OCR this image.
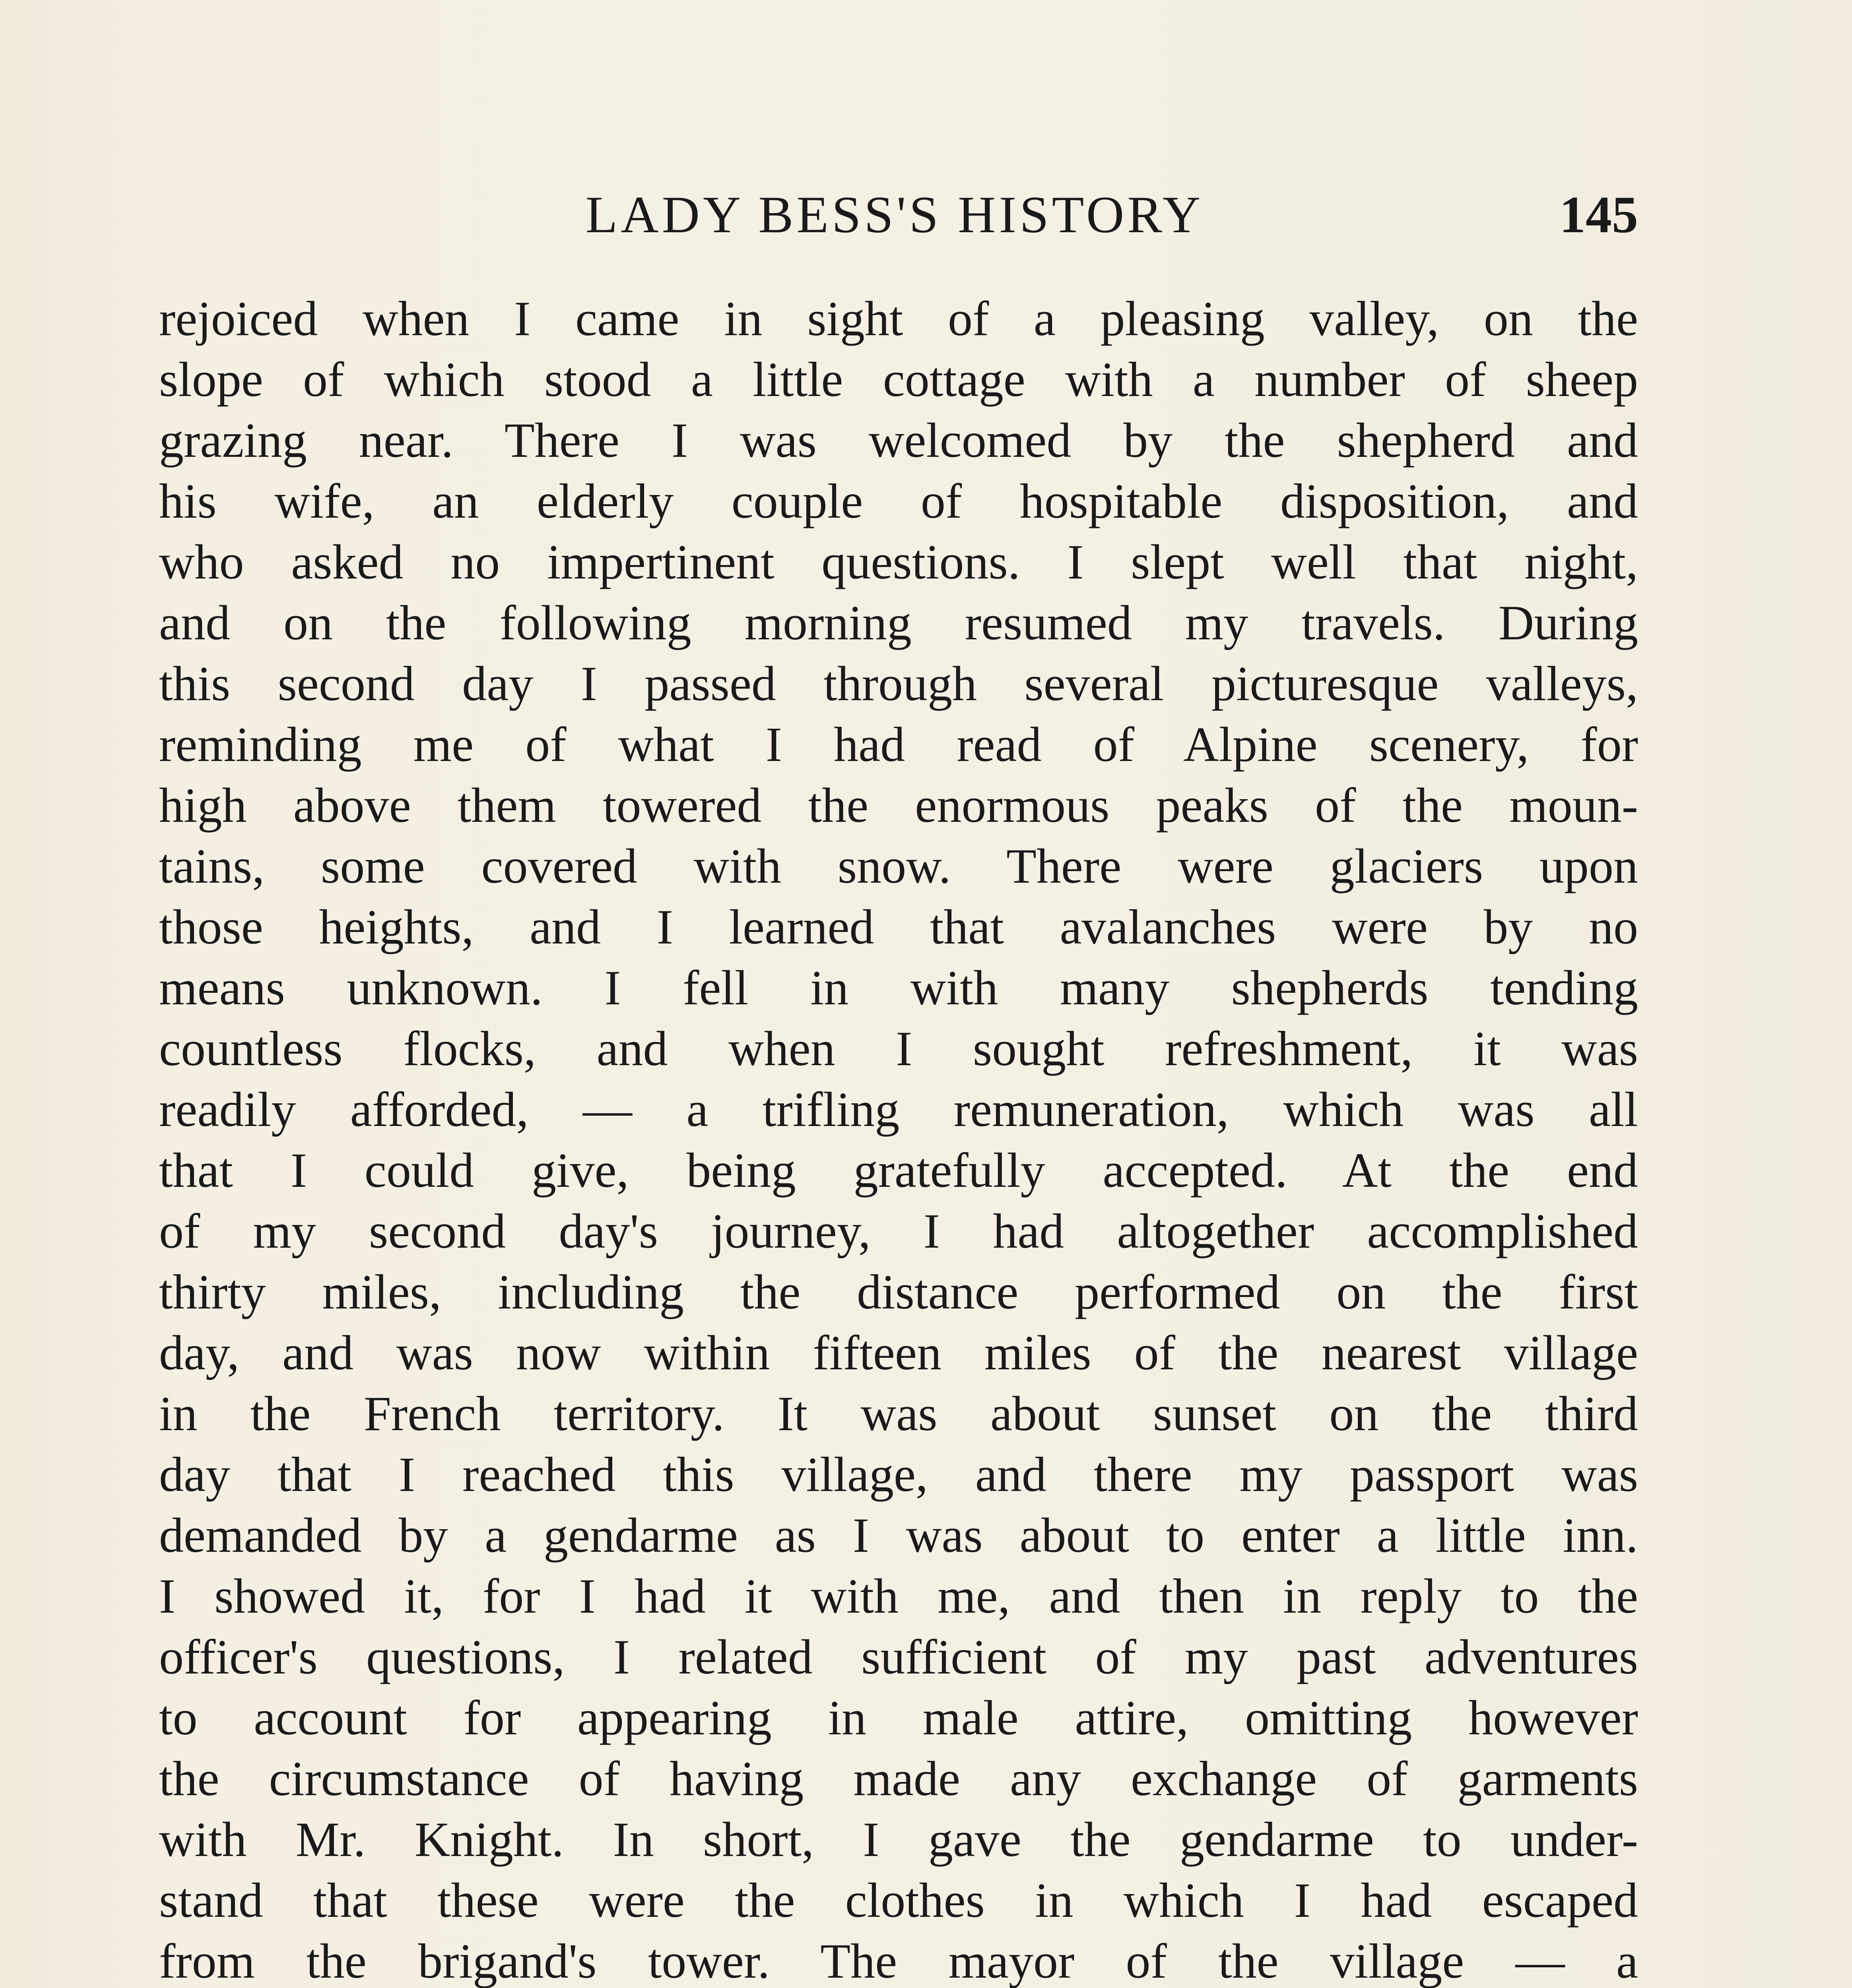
LADY BESS'S HISTORY	145
rejoiced when I came in sight of a pleasing valley, on the
slope of which stood a little cottage with a number of sheep
grazing near. There I was welcomed by the shepherd and
his wife, an elderly couple of hospitable disposition, and
who asked no impertinent questions. I slept well that night,
and on the following morning resumed my travels. During
this second day I passed through several picturesque valleys,
reminding me of what I had read of Alpine scenery, for
high above them towered the enormous peaks of the moun-
tains, some covered with snow. There were glaciers upon
those heights, and I learned that avalanches were by no
means unknown. I fell in with many shepherds tending
countless flocks, and when I sought refreshment, it was
readily afforded, — a trifling remuneration, which was all
that I could give, being gratefully accepted. At the end
of my second day's journey, I had altogether accomplished
thirty miles, including the distance performed on the first
day, and was now within fifteen miles of the nearest village
in the French territory. It was about sunset on the third
day that I reached this village, and there my passport was
demanded by a gendarme as I was about to enter a little inn.
I showed it, for I had it with me, and then in reply to the
officer's questions, I related sufficient of my past adventures
to account for appearing in male attire, omitting however
the circumstance of having made any exchange of garments
with Mr. Knight. In short, I gave the gendarme to under-
stand that these were the clothes in which I had escaped
from the brigand's tower. The mayor of the village — a
